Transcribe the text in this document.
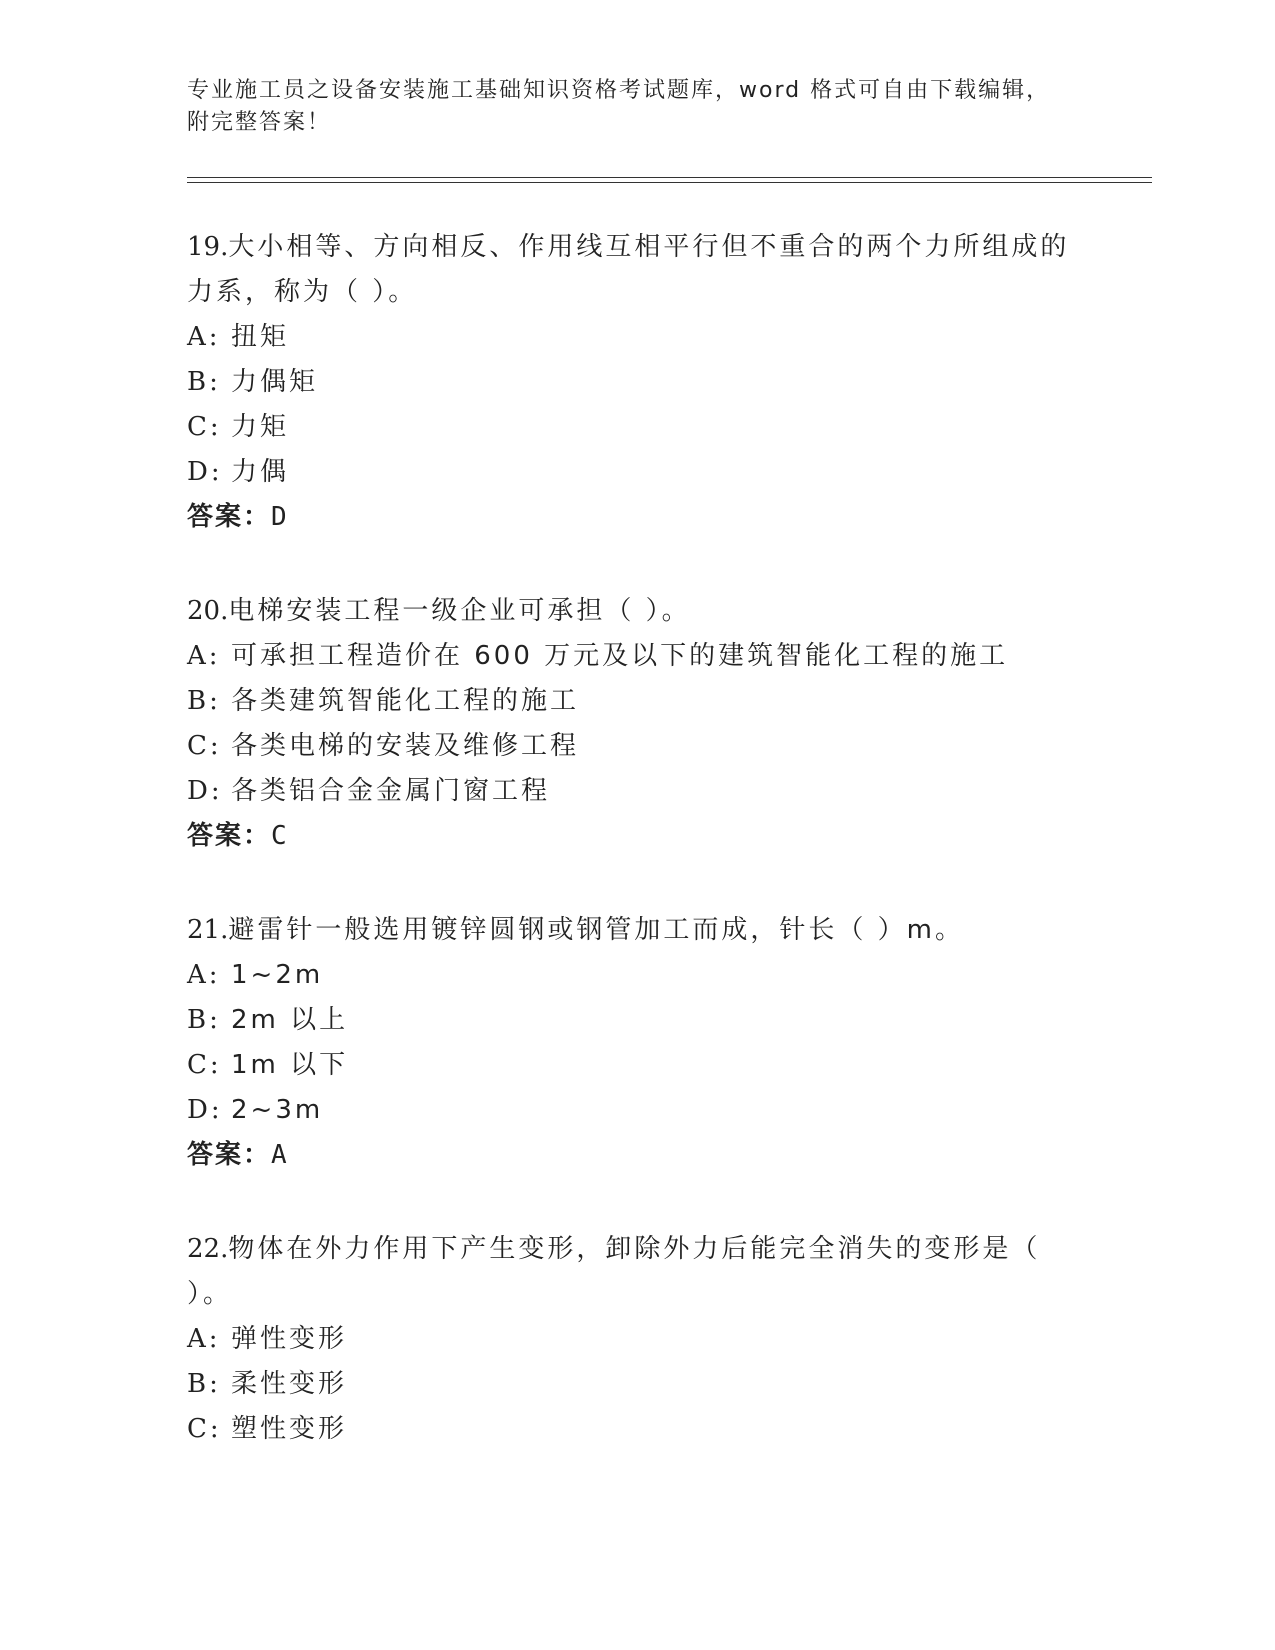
专业施工员之设备安装施工基础知识资格考试题库，word 格式可自由下载编辑，
附完整答案！
19.大小相等、方向相反、作用线互相平行但不重合的两个力所组成的
力系，称为（ ）。
A: 扭矩
B: 力偶矩
C: 力矩
D: 力偶
答案：D
20.电梯安装工程一级企业可承担（ ）。
A: 可承担工程造价在 600 万元及以下的建筑智能化工程的施工
B: 各类建筑智能化工程的施工
C: 各类电梯的安装及维修工程
D: 各类铝合金金属门窗工程
答案：C
21.避雷针一般选用镀锌圆钢或钢管加工而成，针长（ ）m。
A: 1~2m
B: 2m 以上
C: 1m 以下
D: 2~3m
答案：A
22.物体在外力作用下产生变形，卸除外力后能完全消失的变形是（
）。
A: 弹性变形
B: 柔性变形
C: 塑性变形
